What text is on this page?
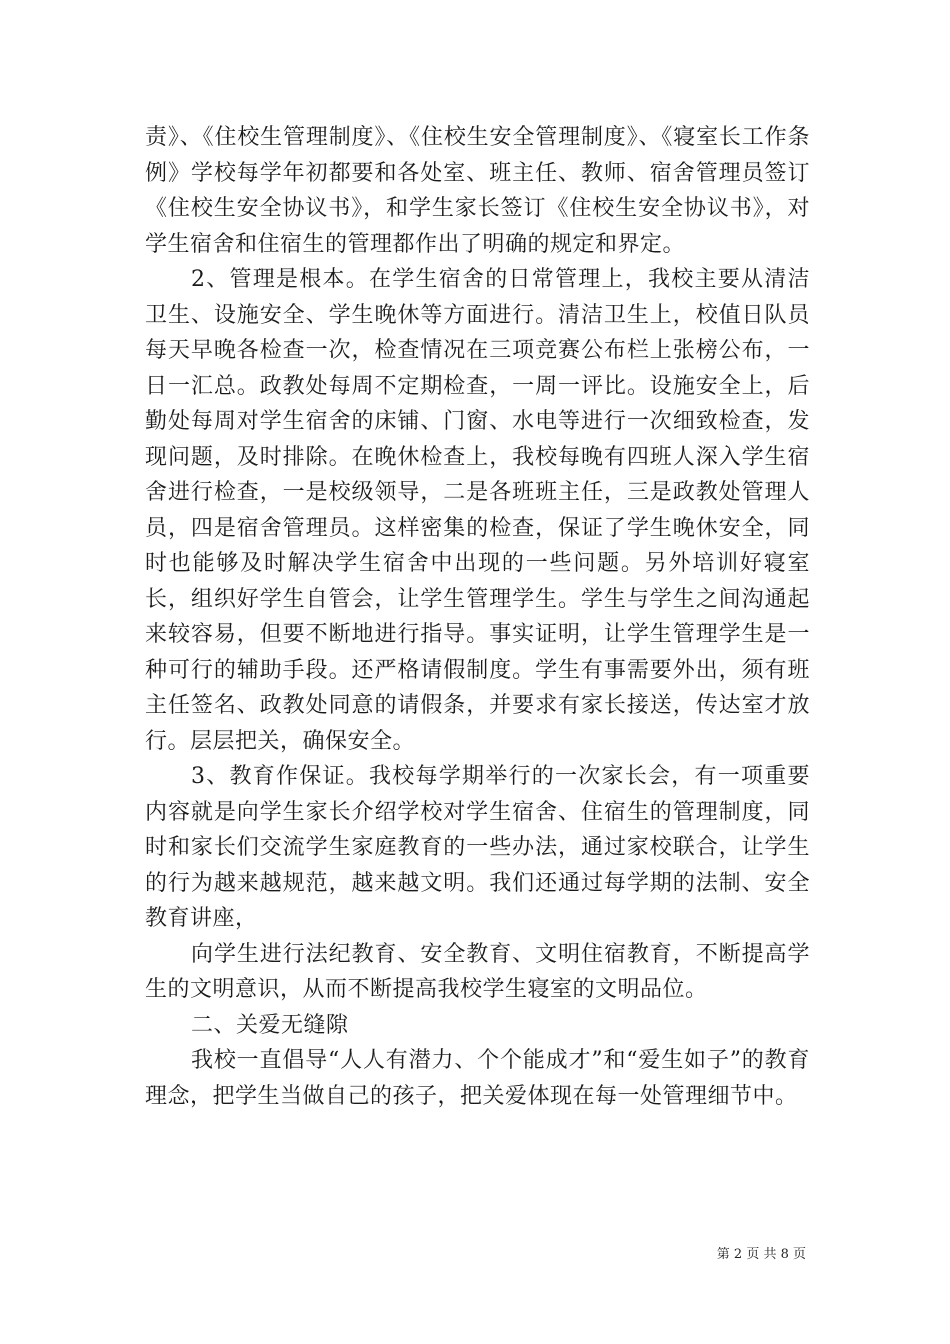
责》、《住校生管理制度》、《住校生安全管理制度》、《寝室长工作条例》学校每学年初都要和各处室、班主任、教师、宿舍管理员签订《住校生安全协议书》，和学生家长签订《住校生安全协议书》，对学生宿舍和住宿生的管理都作出了明确的规定和界定。

2、管理是根本。在学生宿舍的日常管理上，我校主要从清洁卫生、设施安全、学生晚休等方面进行。清洁卫生上，校值日队员每天早晚各检查一次，检查情况在三项竞赛公布栏上张榜公布，一日一汇总。政教处每周不定期检查，一周一评比。设施安全上，后勤处每周对学生宿舍的床铺、门窗、水电等进行一次细致检查，发现问题，及时排除。在晚休检查上，我校每晚有四班人深入学生宿舍进行检查，一是校级领导，二是各班班主任，三是政教处管理人员，四是宿舍管理员。这样密集的检查，保证了学生晚休安全，同时也能够及时解决学生宿舍中出现的一些问题。另外培训好寝室长，组织好学生自管会，让学生管理学生。学生与学生之间沟通起来较容易，但要不断地进行指导。事实证明，让学生管理学生是一种可行的辅助手段。还严格请假制度。学生有事需要外出，须有班主任签名、政教处同意的请假条，并要求有家长接送，传达室才放行。层层把关，确保安全。

3、教育作保证。我校每学期举行的一次家长会，有一项重要内容就是向学生家长介绍学校对学生宿舍、住宿生的管理制度，同时和家长们交流学生家庭教育的一些办法，通过家校联合，让学生的行为越来越规范，越来越文明。我们还通过每学期的法制、安全教育讲座，

向学生进行法纪教育、安全教育、文明住宿教育，不断提高学生的文明意识，从而不断提高我校学生寝室的文明品位。

二、关爱无缝隙

我校一直倡导“人人有潜力、个个能成才”和“爱生如子”的教育理念，把学生当做自己的孩子，把关爱体现在每一处管理细节中。

第 2 页 共 8 页
